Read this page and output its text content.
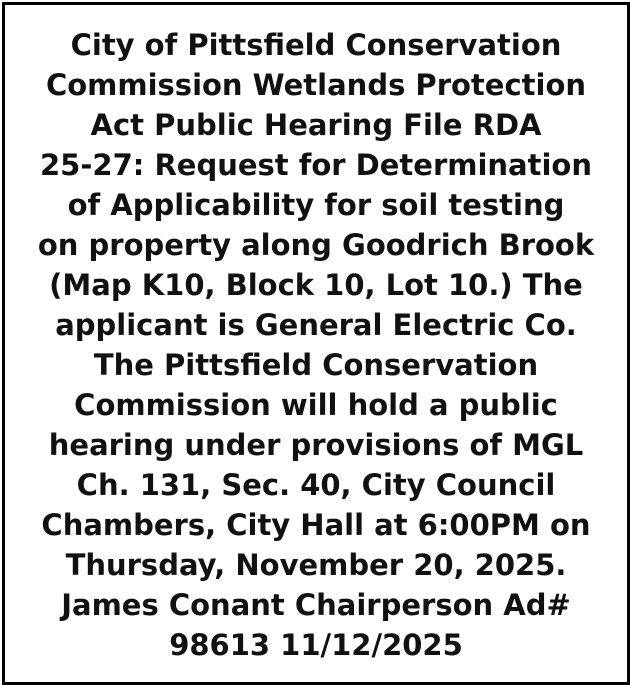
City of Pittsfield Conservation
Commission Wetlands Protection
Act Public Hearing File RDA
25-27: Request for Determination
of Applicability for soil testing
on property along Goodrich Brook
(Map K10, Block 10, Lot 10.) The
applicant is General Electric Co.
The Pittsfield Conservation
Commission will hold a public
hearing under provisions of MGL
Ch. 131, Sec. 40, City Council
Chambers, City Hall at 6:00PM on
Thursday, November 20, 2025.
James Conant Chairperson Ad#
98613 11/12/2025
